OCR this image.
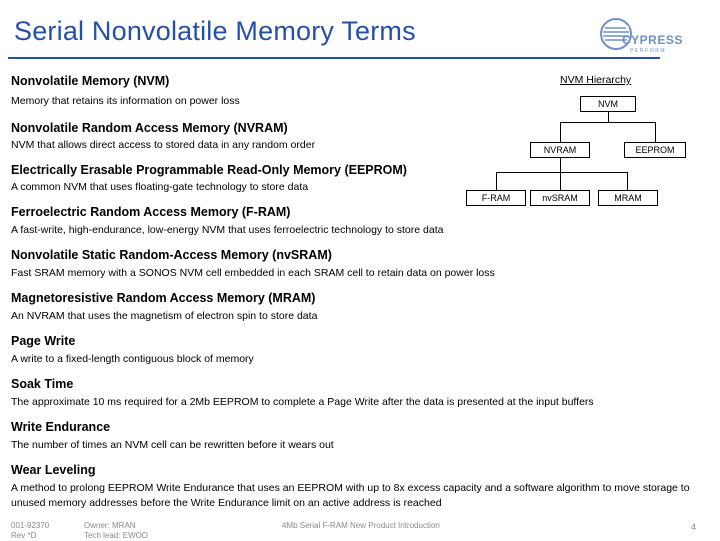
Serial Nonvolatile Memory Terms	CYPRESS
PERFORM
Nonvolatile Memory (NVM)
Memory that retains its information on power loss
Nonvolatile Random Access Memory (NVRAM)
NVM that allows direct access to stored data in any random order
Electrically Erasable Programmable Read-Only Memory (EEPROM)
A common NVM that uses floating-gate technology to store data
Ferroelectric Random Access Memory (F-RAM)
A fast-write, high-endurance, low-energy NVM that uses ferroelectric technology to store data
Nonvolatile Static Random-Access Memory (nvSRAM)
Fast SRAM memory with a SONOS NVM cell embedded in each SRAM cell to retain data on power loss
Magnetoresistive Random Access Memory (MRAM)
An NVRAM that uses the magnetism of electron spin to store data
Page Write
A write to a fixed-length contiguous block of memory
Soak Time
The approximate 10 ms required for a 2Mb EEPROM to complete a Page Write after the data is presented at the input buffers
Write Endurance
The number of times an NVM cell can be rewritten before it wears out
Wear Leveling
A method to prolong EEPROM Write Endurance that uses an EEPROM with up to 8x excess capacity and a software algorithm to move storage to unused memory addresses before the Write Endurance limit on an active address is reached
NVM Hierarchy
NVM
NVRAM	EEPROM
F-RAM	nvSRAM	MRAM
001-92370
Rev *D
Owner: MRAN
Tech lead: EWOO
4Mb Serial F-RAM New Product Introduction	4
